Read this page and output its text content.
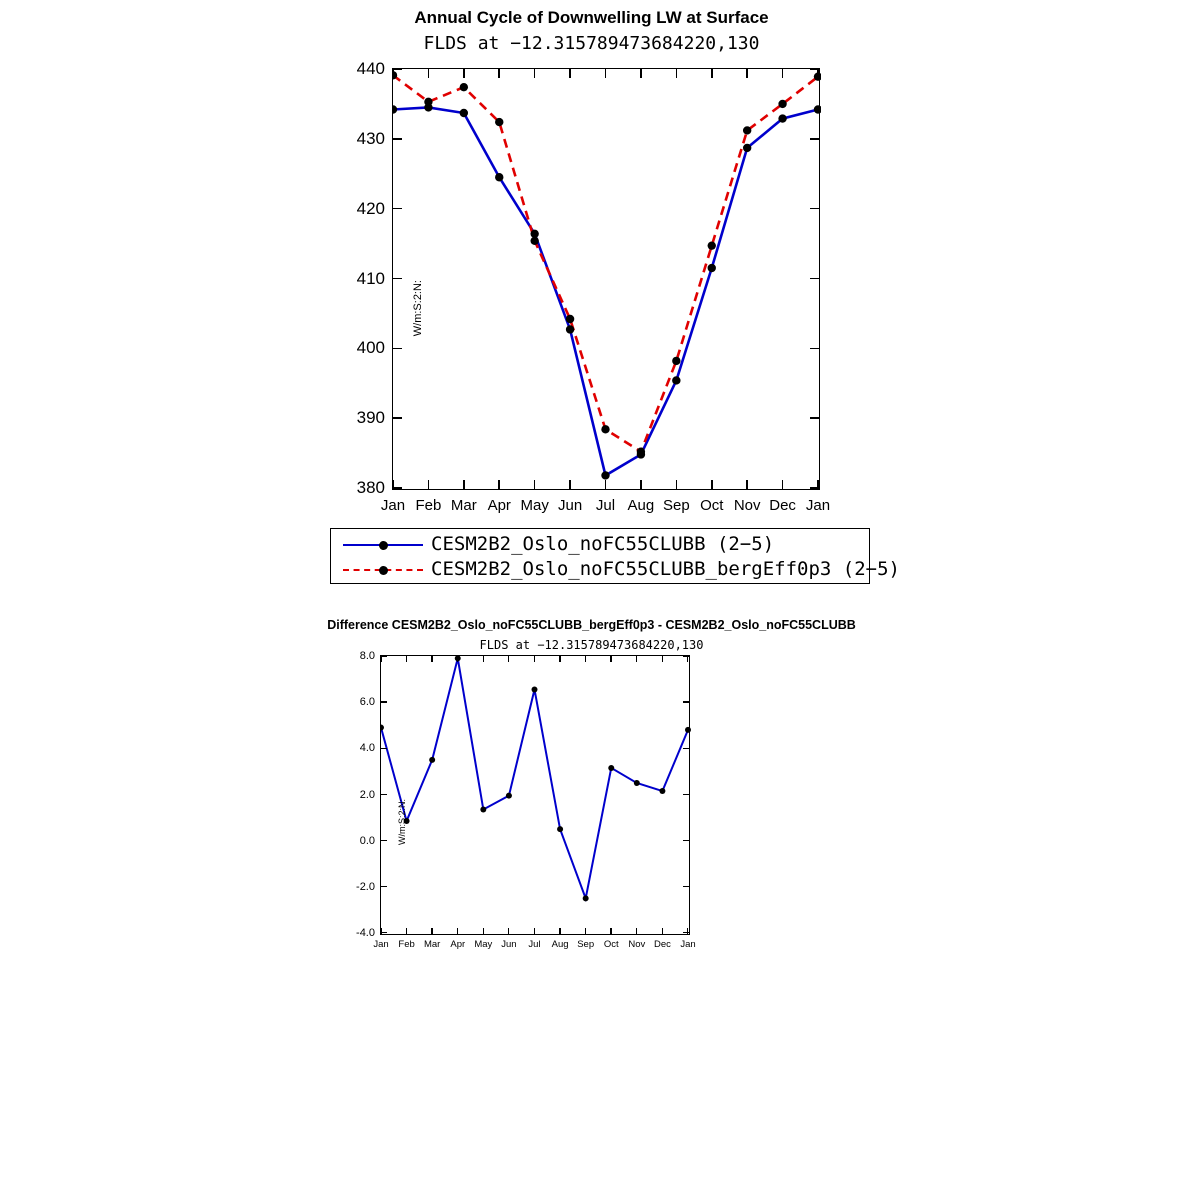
Annual Cycle of Downwelling LW at Surface
FLDS at −12.315789473684220,130
W/m:S:2:N:
380
390
400
410
420
430
440
Jan Feb Mar Apr May Jun Jul Aug Sep Oct Nov Dec Jan
CESM2B2_Oslo_noFC55CLUBB (2−5)
CESM2B2_Oslo_noFC55CLUBB_bergEff0p3 (2−5)
Difference CESM2B2_Oslo_noFC55CLUBB_bergEff0p3 - CESM2B2_Oslo_noFC55CLUBB
FLDS at −12.315789473684220,130
W/m:S:2:N:
-4.0
-2.0
0.0
2.0
4.0
6.0
8.0
Jan Feb Mar Apr May Jun Jul Aug Sep Oct Nov Dec Jan
